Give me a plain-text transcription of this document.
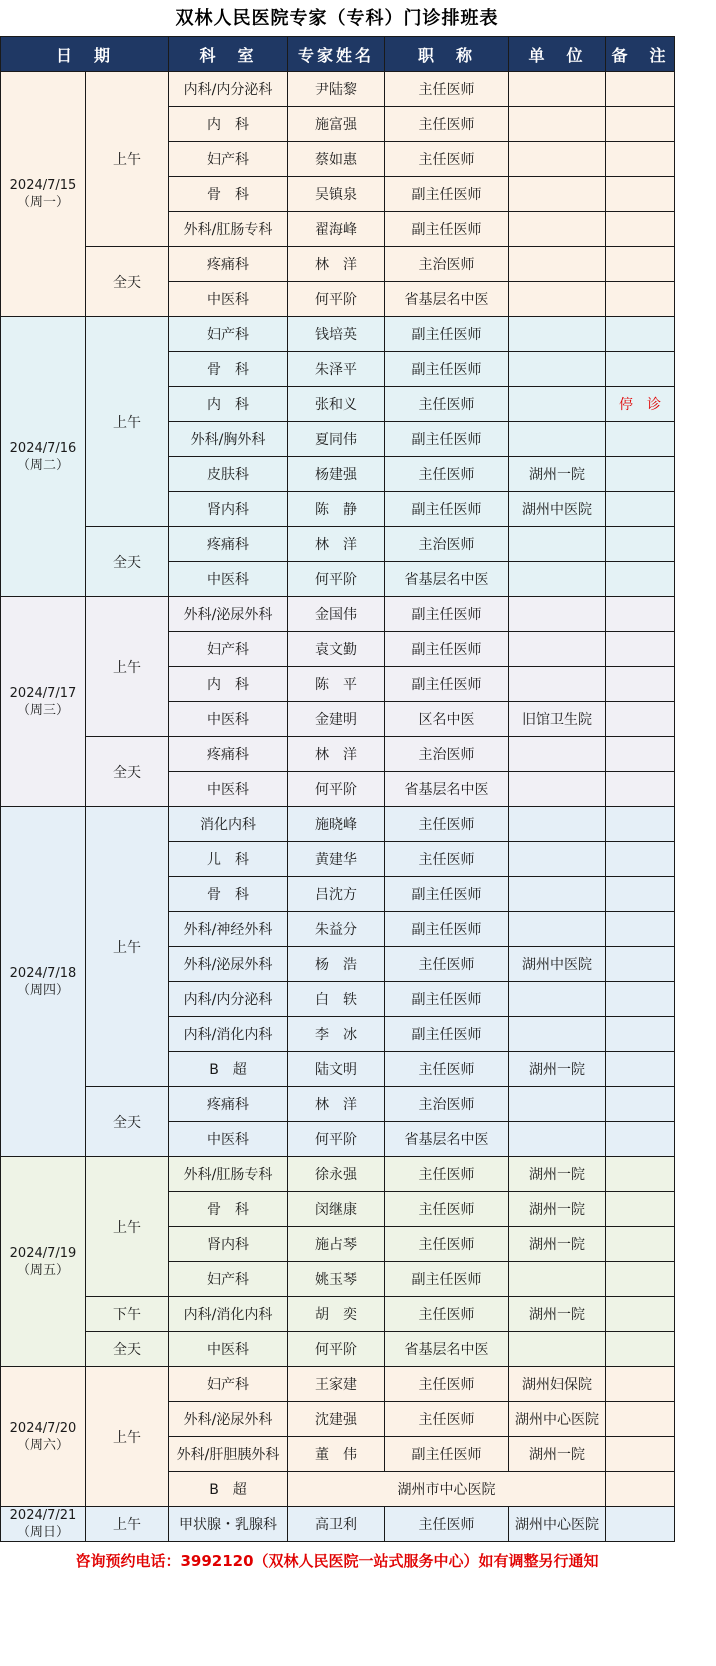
双林人民医院专家（专科）门诊排班表
日　期		科　室	专家姓名	职　称	单　位	备　注

2024/7/15
（周一）	上午	内科/内分泌科	尹陆黎	主任医师		
		内　科	施富强	主任医师		
		妇产科	蔡如惠	主任医师		
		骨　科	吴镇泉	副主任医师		
		外科/肛肠专科	翟海峰	副主任医师		
	全天	疼痛科	林　洋	主治医师		
		中医科	何平阶	省基层名中医		

2024/7/16
（周二）	上午	妇产科	钱培英	副主任医师		
		骨　科	朱泽平	副主任医师		
		内　科	张和义	主任医师		停　诊
		外科/胸外科	夏同伟	副主任医师		
		皮肤科	杨建强	主任医师	湖州一院	
		肾内科	陈　静	副主任医师	湖州中医院	
	全天	疼痛科	林　洋	主治医师		
		中医科	何平阶	省基层名中医		

2024/7/17
（周三）	上午	外科/泌尿外科	金国伟	副主任医师		
		妇产科	袁文勤	副主任医师		
		内　科	陈　平	副主任医师		
		中医科	金建明	区名中医	旧馆卫生院	
	全天	疼痛科	林　洋	主治医师		
		中医科	何平阶	省基层名中医		

2024/7/18
（周四）	上午	消化内科	施晓峰	主任医师		
		儿　科	黄建华	主任医师		
		骨　科	吕沈方	副主任医师		
		外科/神经外科	朱益分	副主任医师		
		外科/泌尿外科	杨　浩	主任医师	湖州中医院	
		内科/内分泌科	白　轶	副主任医师		
		内科/消化内科	李　冰	副主任医师		
		B　超	陆文明	主任医师	湖州一院	
	全天	疼痛科	林　洋	主治医师		
		中医科	何平阶	省基层名中医		

2024/7/19
（周五）	上午	外科/肛肠专科	徐永强	主任医师	湖州一院	
		骨　科	闵继康	主任医师	湖州一院	
		肾内科	施占琴	主任医师	湖州一院	
		妇产科	姚玉琴	副主任医师		
	下午	内科/消化内科	胡　奕	主任医师	湖州一院	
	全天	中医科	何平阶	省基层名中医		

2024/7/20
（周六）	上午	妇产科	王家建	主任医师	湖州妇保院	
		外科/泌尿外科	沈建强	主任医师	湖州中心医院	
		外科/肝胆胰外科	董　伟	副主任医师	湖州一院	
		B　超	湖州市中心医院			

2024/7/21
（周日）	上午	甲状腺・乳腺科	高卫利	主任医师	湖州中心医院	
咨询预约电话：3992120（双林人民医院一站式服务中心）如有调整另行通知
